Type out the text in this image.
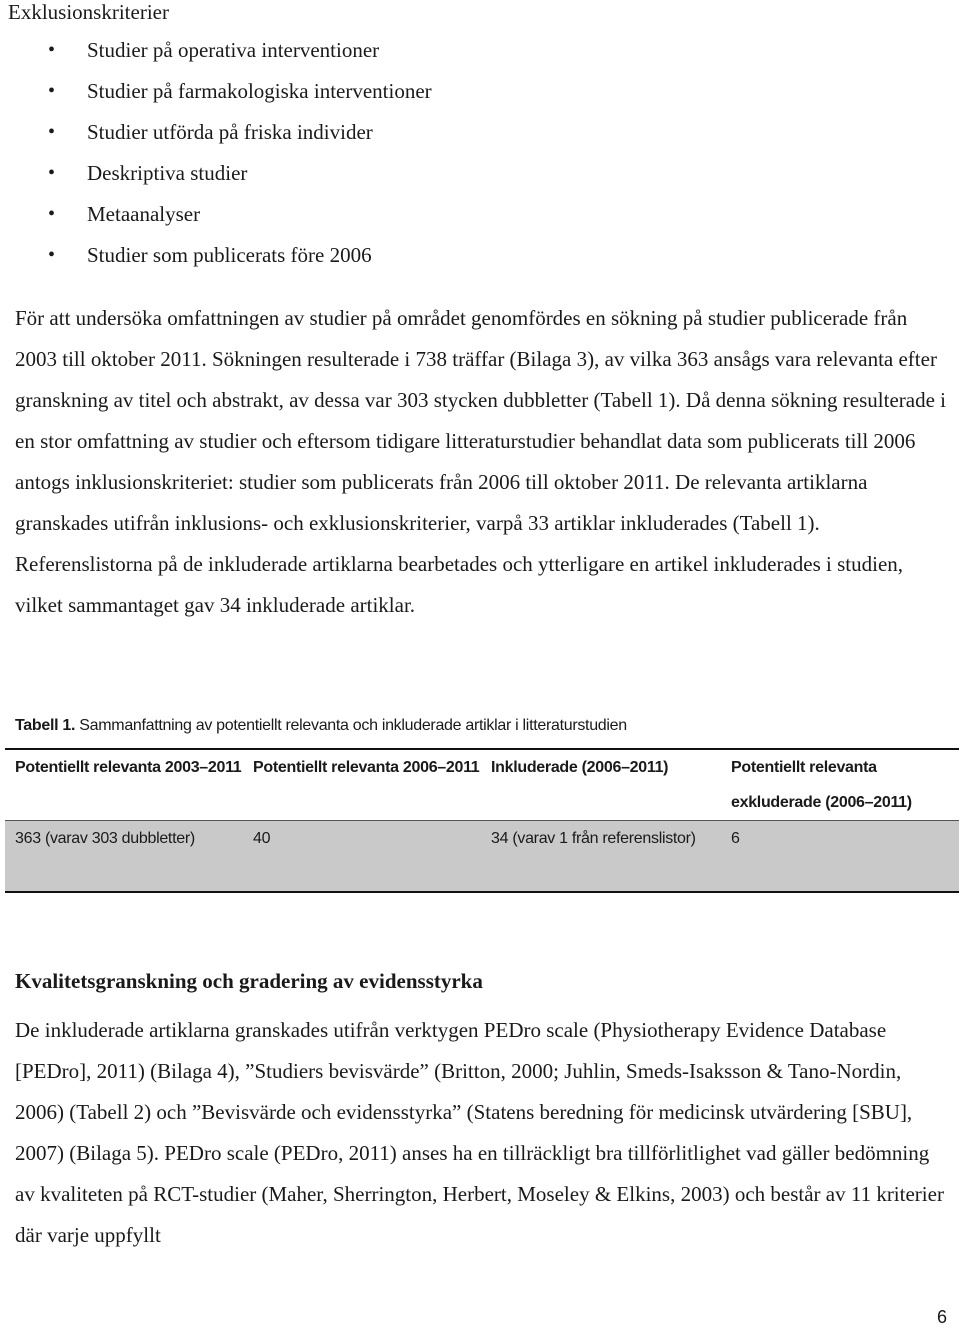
Exklusionskriterier
• Studier på operativa interventioner
• Studier på farmakologiska interventioner
• Studier utförda på friska individer
• Deskriptiva studier
• Metaanalyser
• Studier som publicerats före 2006

För att undersöka omfattningen av studier på området genomfördes en sökning på studier publicerade från 2003 till oktober 2011. Sökningen resulterade i 738 träffar (Bilaga 3), av vilka 363 ansågs vara relevanta efter granskning av titel och abstrakt, av dessa var 303 stycken dubbletter (Tabell 1). Då denna sökning resulterade i en stor omfattning av studier och eftersom tidigare litteraturstudier behandlat data som publicerats till 2006 antogs inklusionskriteriet: studier som publicerats från 2006 till oktober 2011. De relevanta artiklarna granskades utifrån inklusions- och exklusionskriterier, varpå 33 artiklar inkluderades (Tabell 1). Referenslistorna på de inkluderade artiklarna bearbetades och ytterligare en artikel inkluderades i studien, vilket sammantaget gav 34 inkluderade artiklar.

Tabell 1. Sammanfattning av potentiellt relevanta och inkluderade artiklar i litteraturstudien
Potentiellt relevanta 2003–2011	Potentiellt relevanta 2006–2011	Inkluderade (2006–2011)	Potentiellt relevanta exkluderade (2006–2011)
363 (varav 303 dubbletter)	40	34 (varav 1 från referenslistor)	6
Kvalitetsgranskning och gradering av evidensstyrka

De inkluderade artiklarna granskades utifrån verktygen PEDro scale (Physiotherapy Evidence Database [PEDro], 2011) (Bilaga 4), ”Studiers bevisvärde” (Britton, 2000; Juhlin, Smeds-Isaksson & Tano-Nordin, 2006) (Tabell 2) och ”Bevisvärde och evidensstyrka” (Statens beredning för medicinsk utvärdering [SBU], 2007) (Bilaga 5). PEDro scale (PEDro, 2011) anses ha en tillräckligt bra tillförlitlighet vad gäller bedömning av kvaliteten på RCT-studier (Maher, Sherrington, Herbert, Moseley & Elkins, 2003) och består av 11 kriterier där varje uppfyllt

6
